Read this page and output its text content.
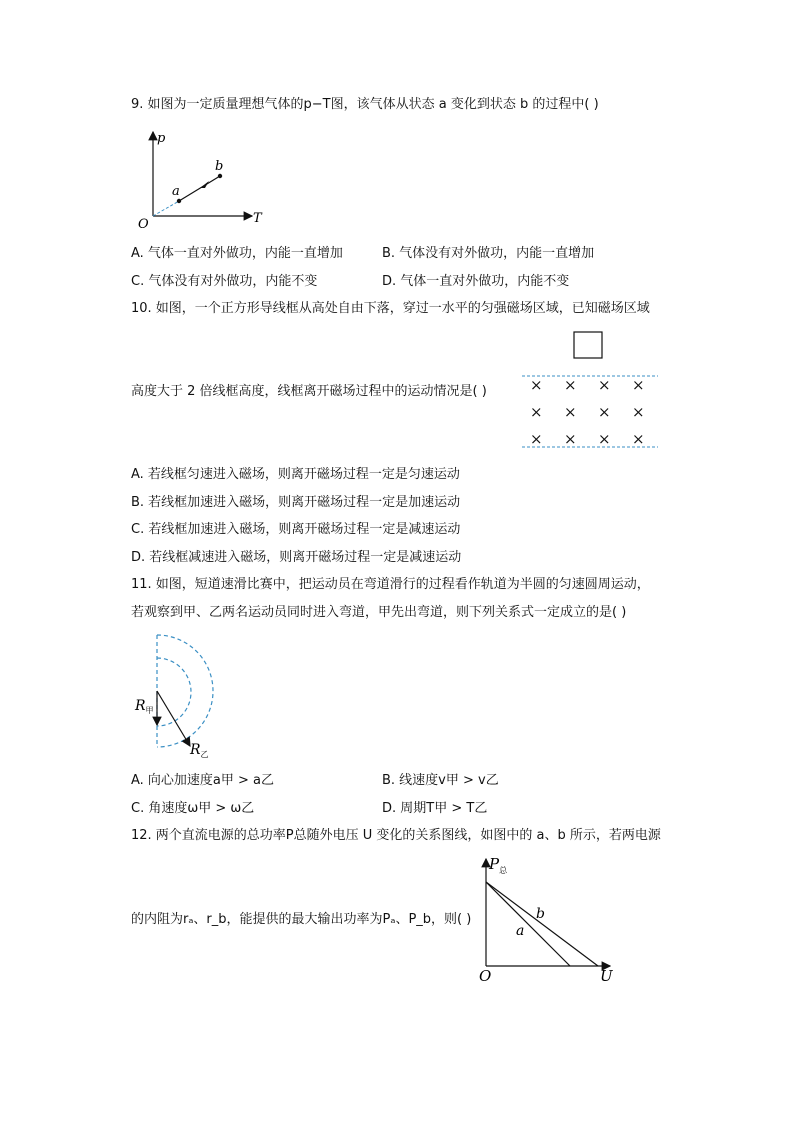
9. 如图为一定质量理想气体的p−T图，该气体从状态 a 变化到状态 b 的过程中( )
p
T
O
a
b
A. 气体一直对外做功，内能一直增加	B. 气体没有对外做功，内能一直增加
C. 气体没有对外做功，内能不变	D. 气体一直对外做功，内能不变
10. 如图，一个正方形导线框从高处自由下落，穿过一水平的匀强磁场区域，已知磁场区域
× × × ×
× × × ×
× × × ×
高度大于 2 倍线框高度，线框离开磁场过程中的运动情况是( )
A. 若线框匀速进入磁场，则离开磁场过程一定是匀速运动
B. 若线框加速进入磁场，则离开磁场过程一定是加速运动
C. 若线框加速进入磁场，则离开磁场过程一定是减速运动
D. 若线框减速进入磁场，则离开磁场过程一定是减速运动
11. 如图，短道速滑比赛中，把运动员在弯道滑行的过程看作轨道为半圆的匀速圆周运动，
若观察到甲、乙两名运动员同时进入弯道，甲先出弯道，则下列关系式一定成立的是( )
$R_甲$
$R_乙$
A. 向心加速度a甲 > a乙	B. 线速度v甲 > v乙
C. 角速度ω甲 > ω乙	D. 周期T甲 > T乙
12. 两个直流电源的总功率P总随外电压 U 变化的关系图线，如图中的 a、b 所示，若两电源
$P_总$
U
O
a
b
的内阻为rₐ、r_b，能提供的最大输出功率为Pₐ、P_b，则( )
